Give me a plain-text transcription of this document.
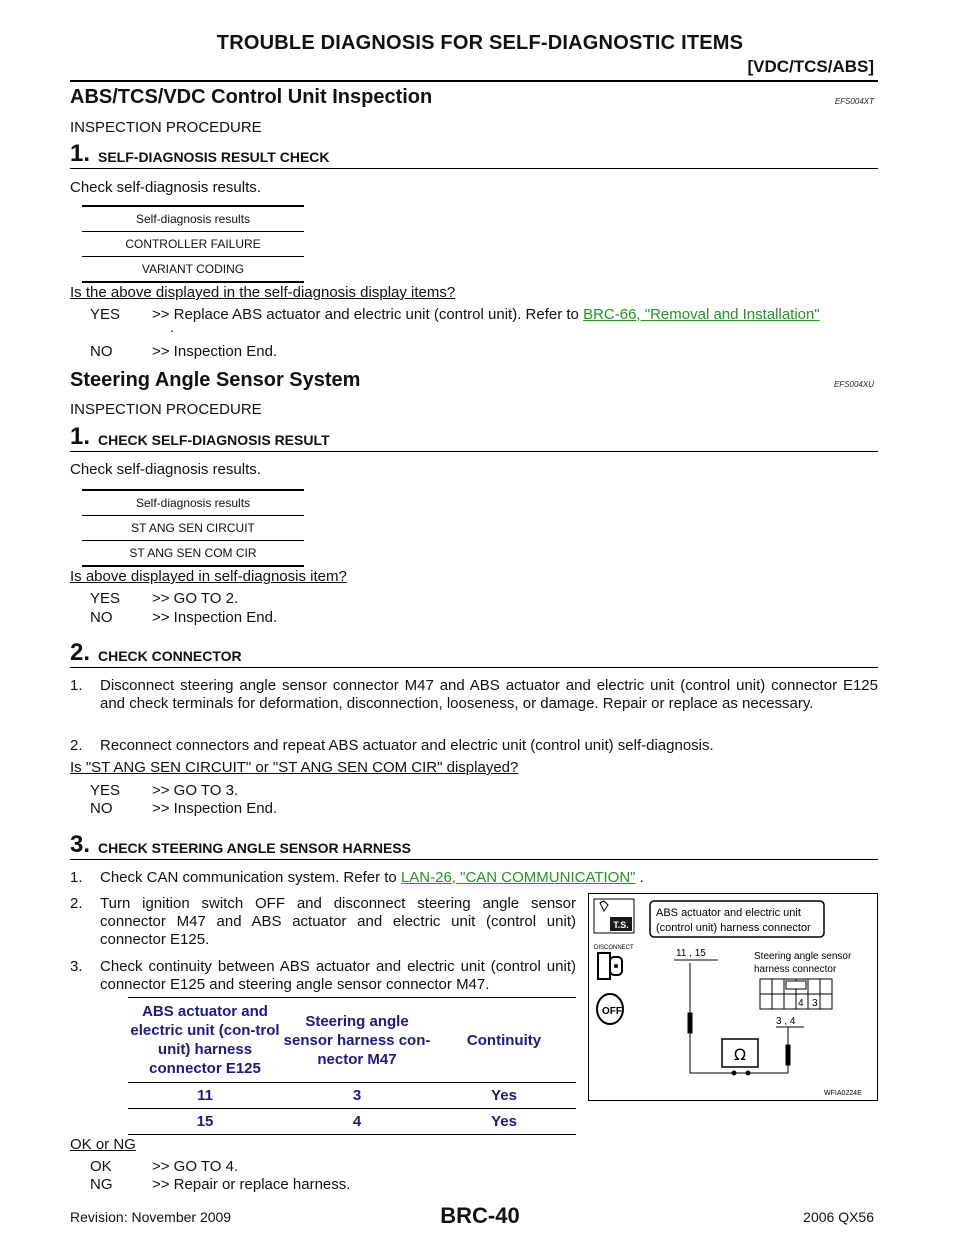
TROUBLE DIAGNOSIS FOR SELF-DIAGNOSTIC ITEMS
[VDC/TCS/ABS]
ABS/TCS/VDC Control Unit Inspection	EFS004XT
INSPECTION PROCEDURE
1. SELF-DIAGNOSIS RESULT CHECK
Check self-diagnosis results.
Self-diagnosis results
CONTROLLER FAILURE
VARIANT CODING
Is the above displayed in the self-diagnosis display items?
YES >> Replace ABS actuator and electric unit (control unit). Refer to BRC-66, "Removal and Installation"
.
NO	>> Inspection End.
Steering Angle Sensor System	EFS004XU
INSPECTION PROCEDURE
1. CHECK SELF-DIAGNOSIS RESULT
Check self-diagnosis results.
Self-diagnosis results
ST ANG SEN CIRCUIT
ST ANG SEN COM CIR
Is above displayed in self-diagnosis item?
YES >> GO TO 2.
NO	>> Inspection End.
2. CHECK CONNECTOR
1. Disconnect steering angle sensor connector M47 and ABS actuator and electric unit (control unit) connector E125 and check terminals for deformation, disconnection, looseness, or damage. Repair or replace as necessary.
2. Reconnect connectors and repeat ABS actuator and electric unit (control unit) self-diagnosis.
Is "ST ANG SEN CIRCUIT" or "ST ANG SEN COM CIR" displayed?
YES >> GO TO 3.
NO	>> Inspection End.
3. CHECK STEERING ANGLE SENSOR HARNESS
1. Check CAN communication system. Refer to LAN-26, "CAN COMMUNICATION" .
2. Turn ignition switch OFF and disconnect steering angle sensor connector M47 and ABS actuator and electric unit (control unit) connector E125.
3. Check continuity between ABS actuator and electric unit (control unit) connector E125 and steering angle sensor connector M47.
ABS actuator and electric unit (con-trol unit) harness connector E125	Steering angle sensor harness con-nector M47	Continuity
11	3	Yes
15	4	Yes
OK or NG
OK	>> GO TO 4.
NG	>> Repair or replace harness.
T.S.
DISCONNECT
OFF
ABS actuator and electric unit
(control unit) harness connector
11 , 15	Steering angle sensor
harness connector
4 3
3 , 4
Ω
WFIA0224E
Revision: November 2009	BRC-40	2006 QX56
